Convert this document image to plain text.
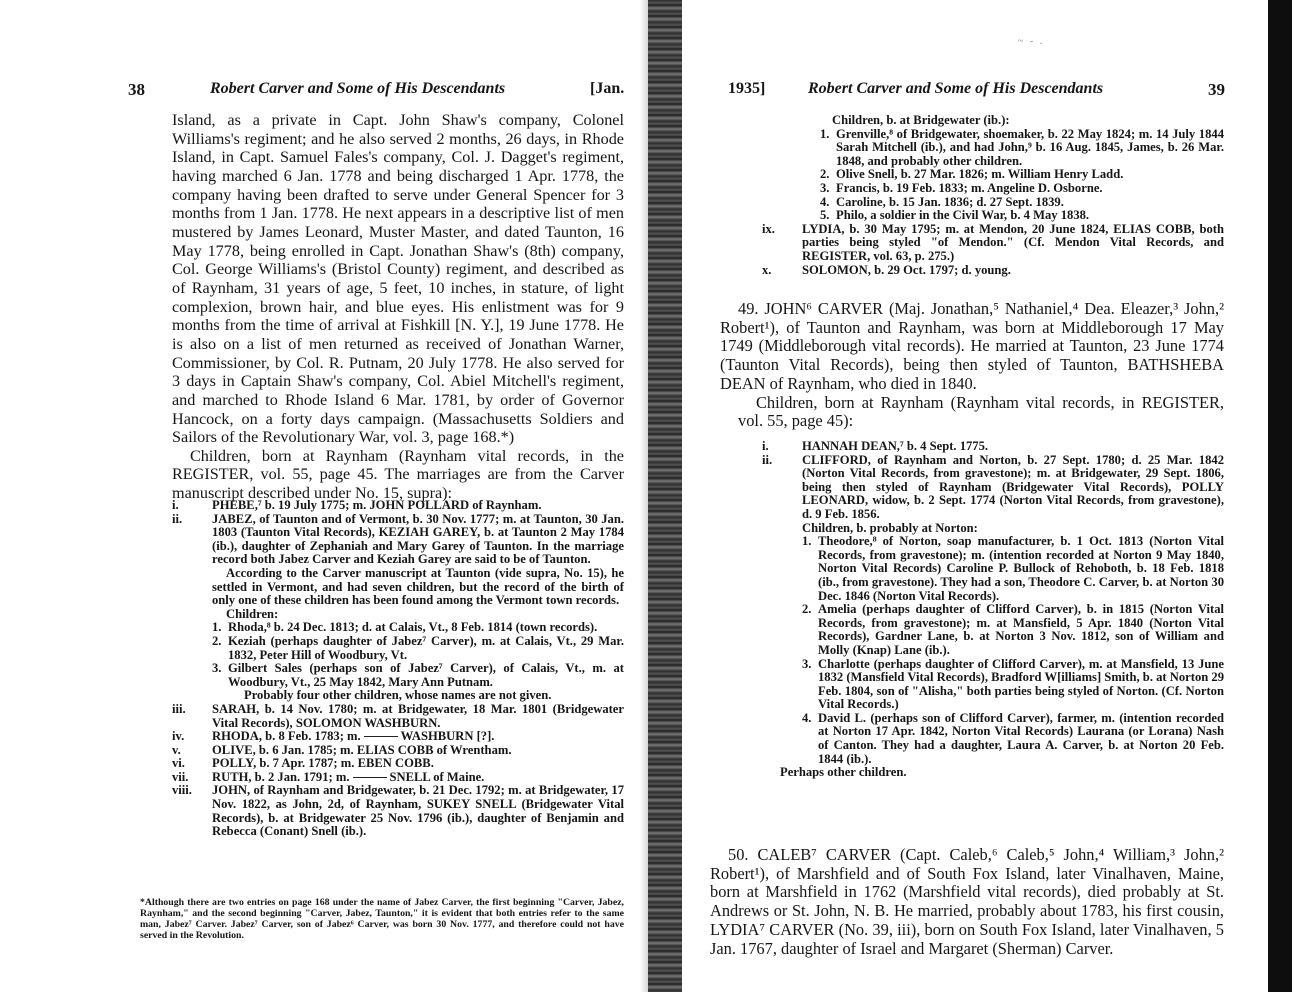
~ - .
38	Robert Carver and Some of His Descendants	[Jan.

Island, as a private in Capt. John Shaw's company, Colonel Williams's regiment; and he also served 2 months, 26 days, in Rhode Island, in Capt. Samuel Fales's company, Col. J. Dagget's regiment, having marched 6 Jan. 1778 and being discharged 1 Apr. 1778, the company having been drafted to serve under General Spencer for 3 months from 1 Jan. 1778. He next appears in a descriptive list of men mustered by James Leonard, Muster Master, and dated Taunton, 16 May 1778, being enrolled in Capt. Jonathan Shaw's (8th) company, Col. George Williams's (Bristol County) regiment, and described as of Raynham, 31 years of age, 5 feet, 10 inches, in stature, of light complexion, brown hair, and blue eyes. His enlistment was for 9 months from the time of arrival at Fishkill [N. Y.], 19 June 1778. He is also on a list of men returned as received of Jonathan Warner, Commissioner, by Col. R. Putnam, 20 July 1778. He also served for 3 days in Captain Shaw's company, Col. Abiel Mitchell's regiment, and marched to Rhode Island 6 Mar. 1781, by order of Governor Hancock, on a forty days campaign. (Massachusetts Soldiers and Sailors of the Revolutionary War, vol. 3, page 168.*)

Children, born at Raynham (Raynham vital records, in the REGISTER, vol. 55, page 45. The marriages are from the Carver manuscript described under No. 15, supra):

i.	PHEBE,⁷ b. 19 July 1775; m. JOHN POLLARD of Raynham.

ii. JABEZ, of Taunton and of Vermont, b. 30 Nov. 1777; m. at Taunton, 30 Jan. 1803 (Taunton Vital Records), KEZIAH GAREY, b. at Taunton 2 May 1784 (ib.), daughter of Zephaniah and Mary Garey of Taunton. In the marriage record both Jabez Carver and Keziah Garey are said to be of Taunton.

According to the Carver manuscript at Taunton (vide supra, No. 15), he settled in Vermont, and had seven children, but the record of the birth of only one of these children has been found among the Vermont town records.

Children:

1. Rhoda,⁸ b. 24 Dec. 1813; d. at Calais, Vt., 8 Feb. 1814 (town records).

2. Keziah (perhaps daughter of Jabez⁷ Carver), m. at Calais, Vt., 29 Mar. 1832, Peter Hill of Woodbury, Vt.

3. Gilbert Sales (perhaps son of Jabez⁷ Carver), of Calais, Vt., m. at Woodbury, Vt., 25 May 1842, Mary Ann Putnam.

Probably four other children, whose names are not given.

iii. SARAH, b. 14 Nov. 1780; m. at Bridgewater, 18 Mar. 1801 (Bridgewater Vital Records), SOLOMON WASHBURN.

iv. RHODA, b. 8 Feb. 1783; m.	WASHBURN [?].

v. OLIVE, b. 6 Jan. 1785; m. ELIAS COBB of Wrentham.

vi. POLLY, b. 7 Apr. 1787; m. EBEN COBB.

vii. RUTH, b. 2 Jan. 1791; m.	SNELL of Maine.

viii. JOHN, of Raynham and Bridgewater, b. 21 Dec. 1792; m. at Bridgewater, 17 Nov. 1822, as John, 2d, of Raynham, SUKEY SNELL (Bridgewater Vital Records), b. at Bridgewater 25 Nov. 1796 (ib.), daughter of Benjamin and Rebecca (Conant) Snell (ib.).

*Although there are two entries on page 168 under the name of Jabez Carver, the first beginning "Carver, Jabez, Raynham," and the second beginning "Carver, Jabez, Taunton," it is evident that both entries refer to the same man, Jabez⁷ Carver. Jabez⁷ Carver, son of Jabez⁶ Carver, was born 30 Nov. 1777, and therefore could not have served in the Revolution.
1935]	Robert Carver and Some of His Descendants	39

Children, b. at Bridgewater (ib.):

1. Grenville,⁸ of Bridgewater, shoemaker, b. 22 May 1824; m. 14 July 1844 Sarah Mitchell (ib.), and had John,⁹ b. 16 Aug. 1845, James, b. 26 Mar. 1848, and probably other children.

2. Olive Snell, b. 27 Mar. 1826; m. William Henry Ladd.

3. Francis, b. 19 Feb. 1833; m. Angeline D. Osborne.

4. Caroline, b. 15 Jan. 1836; d. 27 Sept. 1839.

5. Philo, a soldier in the Civil War, b. 4 May 1838.

ix. LYDIA, b. 30 May 1795; m. at Mendon, 20 June 1824, ELIAS COBB, both parties being styled "of Mendon." (Cf. Mendon Vital Records, and REGISTER, vol. 63, p. 275.)

x. SOLOMON, b. 29 Oct. 1797; d. young.

49. JOHN⁶ CARVER (Maj. Jonathan,⁵ Nathaniel,⁴ Dea. Eleazer,³ John,² Robert¹), of Taunton and Raynham, was born at Middleborough 17 May 1749 (Middleborough vital records). He married at Taunton, 23 June 1774 (Taunton Vital Records), being then styled of Taunton, BATHSHEBA DEAN of Raynham, who died in 1840.

Children, born at Raynham (Raynham vital records, in REGISTER, vol. 55, page 45):

i.	HANNAH DEAN,⁷ b. 4 Sept. 1775.

ii. CLIFFORD, of Raynham and Norton, b. 27 Sept. 1780; d. 25 Mar. 1842 (Norton Vital Records, from gravestone); m. at Bridgewater, 29 Sept. 1806, being then styled of Raynham (Bridgewater Vital Records), POLLY LEONARD, widow, b. 2 Sept. 1774 (Norton Vital Records, from gravestone), d. 9 Feb. 1856.

Children, b. probably at Norton:

1. Theodore,⁸ of Norton, soap manufacturer, b. 1 Oct. 1813 (Norton Vital Records, from gravestone); m. (intention recorded at Norton 9 May 1840, Norton Vital Records) Caroline P. Bullock of Rehoboth, b. 18 Feb. 1818 (ib., from gravestone). They had a son, Theodore C. Carver, b. at Norton 30 Dec. 1846 (Norton Vital Records).

2. Amelia (perhaps daughter of Clifford Carver), b. in 1815 (Norton Vital Records, from gravestone); m. at Mansfield, 5 Apr. 1840 (Norton Vital Records), Gardner Lane, b. at Norton 3 Nov. 1812, son of William and Molly (Knap) Lane (ib.).

3. Charlotte (perhaps daughter of Clifford Carver), m. at Mansfield, 13 June 1832 (Mansfield Vital Records), Bradford W[illiams] Smith, b. at Norton 29 Feb. 1804, son of "Alisha," both parties being styled of Norton. (Cf. Norton Vital Records.)

4. David L. (perhaps son of Clifford Carver), farmer, m. (intention recorded at Norton 17 Apr. 1842, Norton Vital Records) Laurana (or Lorana) Nash of Canton. They had a daughter, Laura A. Carver, b. at Norton 20 Feb. 1844 (ib.).

Perhaps other children.

50. CALEB⁷ CARVER (Capt. Caleb,⁶ Caleb,⁵ John,⁴ William,³ John,² Robert¹), of Marshfield and of South Fox Island, later Vinalhaven, Maine, born at Marshfield in 1762 (Marshfield vital records), died probably at St. Andrews or St. John, N. B. He married, probably about 1783, his first cousin, LYDIA⁷ CARVER (No. 39, iii), born on South Fox Island, later Vinalhaven, 5 Jan. 1767, daughter of Israel and Margaret (Sherman) Carver.
